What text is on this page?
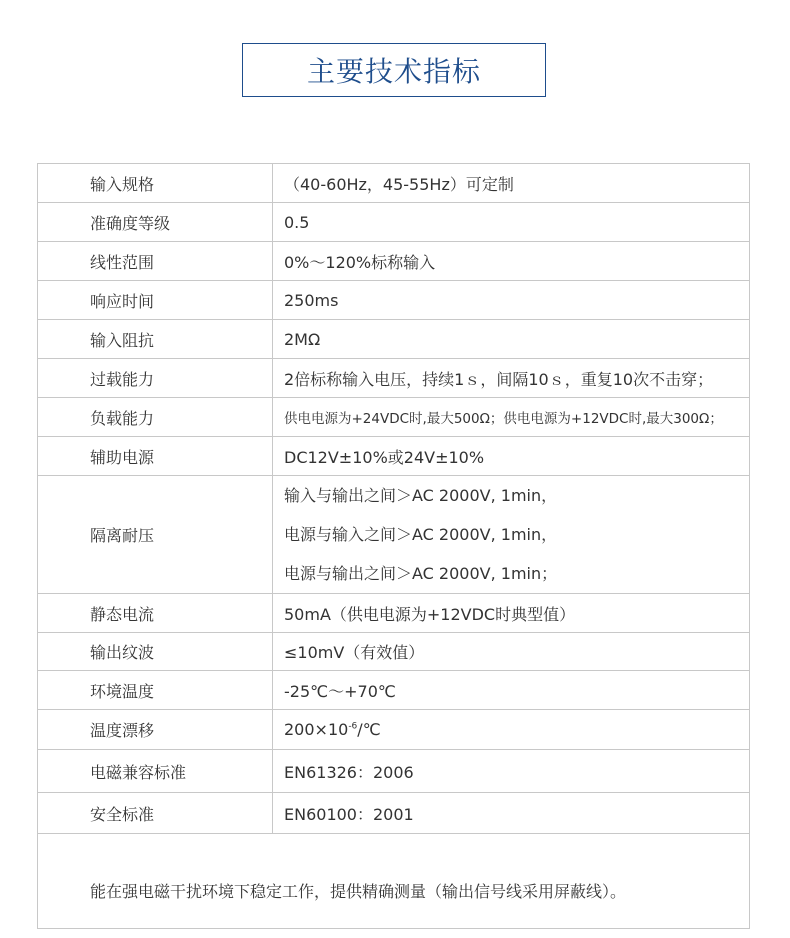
主要技术指标
输入规格	（40-60Hz，45-55Hz）可定制
准确度等级	0.5
线性范围	0%～120%标称输入
响应时间	250ms
输入阻抗	2MΩ
过载能力	2倍标称输入电压，持续1ｓ，间隔10ｓ，重复10次不击穿；
负载能力	供电电源为+24VDC时,最大500Ω；供电电源为+12VDC时,最大300Ω；
辅助电源	DC12V±10%或24V±10%
隔离耐压	输入与输出之间＞AC 2000V, 1min，
电源与输入之间＞AC 2000V, 1min，
电源与输出之间＞AC 2000V, 1min；

静态电流	50mA（供电电源为+12VDC时典型值）
输出纹波	≤10mV（有效值）
环境温度	-25℃～+70℃
温度漂移	$200\times 10^{-6}/℃$
电磁兼容标准	EN61326：2006
安全标准	EN60100：2001
能在强电磁干扰环境下稳定工作，提供精确测量（输出信号线采用屏蔽线）。	
